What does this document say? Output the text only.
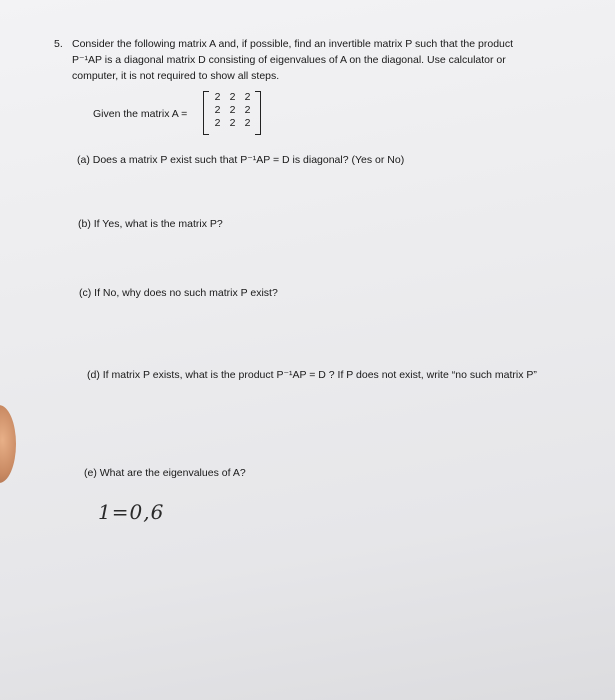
5. Consider the following matrix A and, if possible, find an invertible matrix P such that the product
P⁻¹AP is a diagonal matrix D consisting of eigenvalues of A on the diagonal. Use calculator or
computer, it is not required to show all steps.
Given the matrix A =
2 2 2
2 2 2
2 2 2
(a) Does a matrix P exist such that P⁻¹AP = D is diagonal? (Yes or No)
(b) If Yes, what is the matrix P?
(c) If No, why does no such matrix P exist?
(d) If matrix P exists, what is the product P⁻¹AP = D ? If P does not exist, write “no such matrix P”
(e) What are the eigenvalues of A?
1=0,6
